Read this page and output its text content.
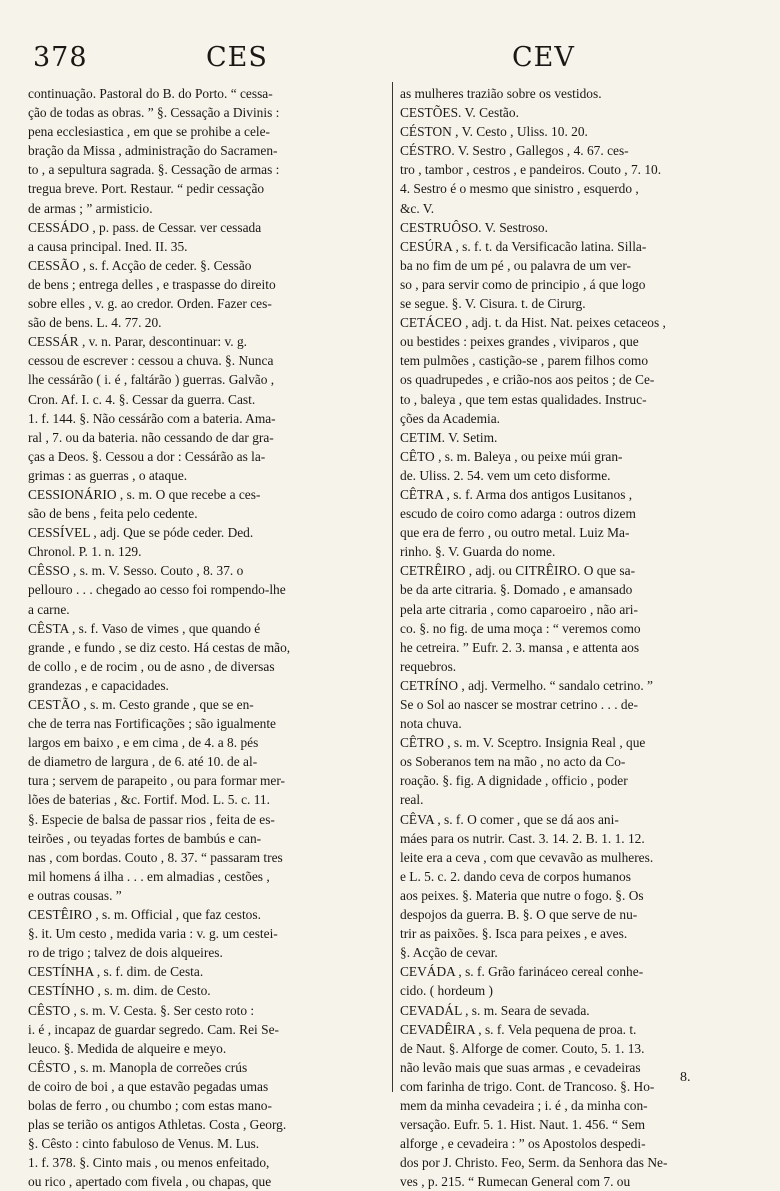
378	CES	CEV
continuação. Pastoral do B. do Porto. “ cessa-
ção de todas as obras. ” §. Cessação a Divinis :
pena ecclesiastica , em que se prohibe a cele-
bração da Missa , administração do Sacramen-
to , a sepultura sagrada. §. Cessação de armas :
tregua breve. Port. Restaur. “ pedir cessação
de armas ; ” armisticio.
CESSÁDO , p. pass. de Cessar. ver cessada
a causa principal. Ined. II. 35.
CESSÃO , s. f. Acção de ceder. §. Cessão
de bens ; entrega delles , e traspasse do direito
sobre elles , v. g. ao credor. Orden. Fazer ces-
são de bens. L. 4. 77. 20.
CESSÁR , v. n. Parar, descontinuar: v. g.
cessou de escrever : cessou a chuva. §. Nunca
lhe cessárão ( i. é , faltárão ) guerras. Galvão ,
Cron. Af. I. c. 4. §. Cessar da guerra. Cast.
1. f. 144. §. Não cessárão com a bateria. Ama-
ral , 7. ou da bateria. não cessando de dar gra-
ças a Deos. §. Cessou a dor : Cessárão as la-
grimas : as guerras , o ataque.
CESSIONÁRIO , s. m. O que recebe a ces-
são de bens , feita pelo cedente.
CESSÍVEL , adj. Que se póde ceder. Ded.
Chronol. P. 1. n. 129.
CÊSSO , s. m. V. Sesso. Couto , 8. 37. o
pellouro . . . chegado ao cesso foi rompendo-lhe
a carne.
CÊSTA , s. f. Vaso de vimes , que quando é
grande , e fundo , se diz cesto. Há cestas de mão,
de collo , e de rocim , ou de asno , de diversas
grandezas , e capacidades.
CESTÃO , s. m. Cesto grande , que se en-
che de terra nas Fortificações ; são igualmente
largos em baixo , e em cima , de 4. a 8. pés
de diametro de largura , de 6. até 10. de al-
tura ; servem de parapeito , ou para formar mer-
lões de baterias , &c. Fortif. Mod. L. 5. c. 11.
§. Especie de balsa de passar rios , feita de es-
teirões , ou teyadas fortes de bambús e can-
nas , com bordas. Couto , 8. 37. “ passaram tres
mil homens á ilha . . . em almadias , cestões ,
e outras cousas. ”
CESTÊIRO , s. m. Official , que faz cestos.
§. it. Um cesto , medida varia : v. g. um cestei-
ro de trigo ; talvez de dois alqueires.
CESTÍNHA , s. f. dim. de Cesta.
CESTÍNHO , s. m. dim. de Cesto.
CÊSTO , s. m. V. Cesta. §. Ser cesto roto :
i. é , incapaz de guardar segredo. Cam. Rei Se-
leuco. §. Medida de alqueire e meyo.
CÊSTO , s. m. Manopla de correões crús
de coiro de boi , a que estavão pegadas umas
bolas de ferro , ou chumbo ; com estas mano-
plas se terião os antigos Athletas. Costa , Georg.
§. Cêsto : cinto fabuloso de Venus. M. Lus.
1. f. 378. §. Cinto mais , ou menos enfeitado,
ou rico , apertado com fivela , ou chapas, que
as mulheres trazião sobre os vestidos.
CESTÕES. V. Cestão.
CÉSTON , V. Cesto , Uliss. 10. 20.
CÉSTRO. V. Sestro , Gallegos , 4. 67. ces-
tro , tambor , cestros , e pandeiros. Couto , 7. 10.
4. Sestro é o mesmo que sinistro , esquerdo ,
&c. V.
CESTRUÔSO. V. Sestroso.
CESÚRA , s. f. t. da Versificacão latina. Silla-
ba no fim de um pé , ou palavra de um ver-
so , para servir como de principio , á que logo
se segue. §. V. Cisura. t. de Cirurg.
CETÁCEO , adj. t. da Hist. Nat. peixes cetaceos ,
ou bestides : peixes grandes , viviparos , que
tem pulmões , castição-se , parem filhos como
os quadrupedes , e crião-nos aos peitos ; de Ce-
to , baleya , que tem estas qualidades. Instruc-
ções da Academia.
CETIM. V. Setim.
CÊTO , s. m. Baleya , ou peixe múi gran-
de. Uliss. 2. 54. vem um ceto disforme.
CÊTRA , s. f. Arma dos antigos Lusitanos ,
escudo de coiro como adarga : outros dizem
que era de ferro , ou outro metal. Luiz Ma-
rinho. §. V. Guarda do nome.
CETRÊIRO , adj. ou CITRÊIRO. O que sa-
be da arte citraria. §. Domado , e amansado
pela arte citraria , como caparoeiro , não ari-
co. §. no fig. de uma moça : “ veremos como
he cetreira. ” Eufr. 2. 3. mansa , e attenta aos
requebros.
CETRÍNO , adj. Vermelho. “ sandalo cetrino. ”
Se o Sol ao nascer se mostrar cetrino . . . de-
nota chuva.
CÊTRO , s. m. V. Sceptro. Insignia Real , que
os Soberanos tem na mão , no acto da Co-
roação. §. fig. A dignidade , officio , poder
real.
CÊVA , s. f. O comer , que se dá aos ani-
máes para os nutrir. Cast. 3. 14. 2. B. 1. 1. 12.
leite era a ceva , com que cevavão as mulheres.
e L. 5. c. 2. dando ceva de corpos humanos
aos peixes. §. Materia que nutre o fogo. §. Os
despojos da guerra. B. §. O que serve de nu-
trir as paixões. §. Isca para peixes , e aves.
§. Acção de cevar.
CEVÁDA , s. f. Grão farináceo cereal conhe-
cido. ( hordeum )
CEVADÁL , s. m. Seara de sevada.
CEVADÊIRA , s. f. Vela pequena de proa. t.
de Naut. §. Alforge de comer. Couto, 5. 1. 13.
não levão mais que suas armas , e cevadeiras
com farinha de trigo. Cont. de Trancoso. §. Ho-
mem da minha cevadeira ; i. é , da minha con-
versação. Eufr. 5. 1. Hist. Naut. 1. 456. “ Sem
alforge , e cevadeira : ” os Apostolos despedi-
dos por J. Christo. Feo, Serm. da Senhora das Ne-
ves , p. 215. “ Rumecan General com 7. ou
8.
